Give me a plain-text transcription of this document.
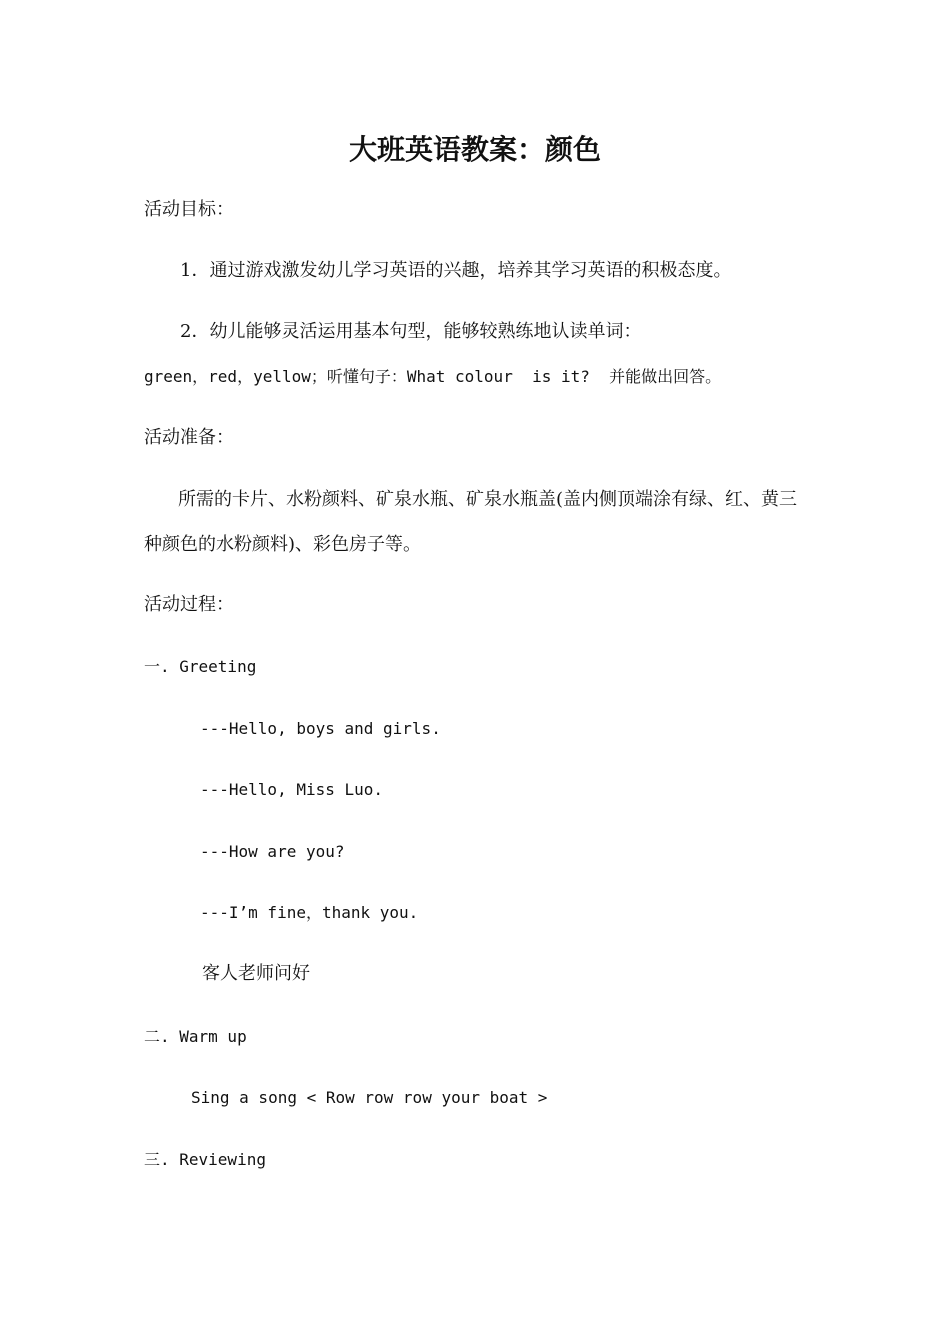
大班英语教案：颜色

活动目标：

1．通过游戏激发幼儿学习英语的兴趣，培养其学习英语的积极态度。

2．幼儿能够灵活运用基本句型，能够较熟练地认读单词：

green，red，yellow；听懂句子：What colour  is it?  并能做出回答。

活动准备：

所需的卡片、水粉颜料、矿泉水瓶、矿泉水瓶盖(盖内侧顶端涂有绿、红、黄三

种颜色的水粉颜料)、彩色房子等。

活动过程：

一. Greeting

---Hello, boys and girls.

---Hello, Miss Luo.

---How are you?

---I’m fine，thank you.

客人老师问好

二. Warm up

Sing a song < Row row row your boat >

三. Reviewing
